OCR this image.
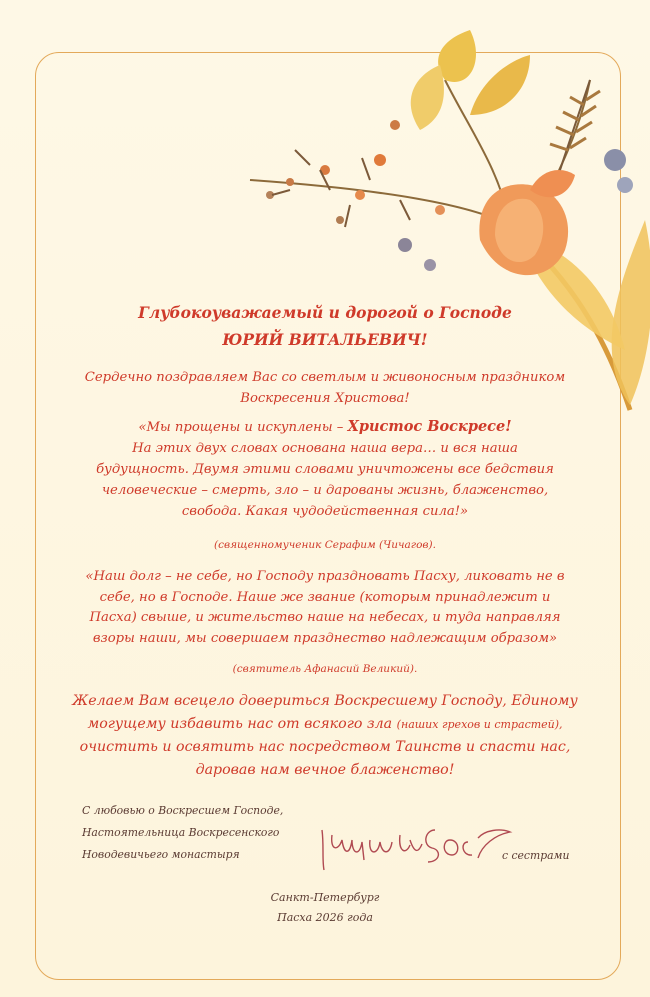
Глубокоуважаемый и дорогой о Господе
ЮРИЙ ВИТАЛЬЕВИЧ!
Сердечно поздравляем Вас со светлым и живоносным праздником
Воскресения Христова!
«Мы прощены и искуплены – Христос Воскресе!
На этих двух словах основана наша вера… и вся наша
будущность. Двумя этими словами уничтожены все бедствия
человеческие – смерть, зло – и дарованы жизнь, блаженство,
свобода. Какая чудодейственная сила!»
(священномученик Серафим (Чичагов).
«Наш долг – не себе, но Господу праздновать Пасху, ликовать не в
себе, но в Господе. Наше же звание (которым принадлежит и
Пасха) свыше, и жительство наше на небесах, и туда направляя
взоры наши, мы совершаем празднество надлежащим образом»
(святитель Афанасий Великий).
Желаем Вам всецело довериться Воскресшему Господу, Единому
могущему избавить нас от всякого зла (наших грехов и страстей),
очистить и освятить нас посредством Таинств и спасти нас,
даровав нам вечное блаженство!
С любовью о Воскресшем Господе,
Настоятельница Воскресенского
Новодевичьего монастыря	с сестрами
Санкт-Петербург
Пасха 2026 года
